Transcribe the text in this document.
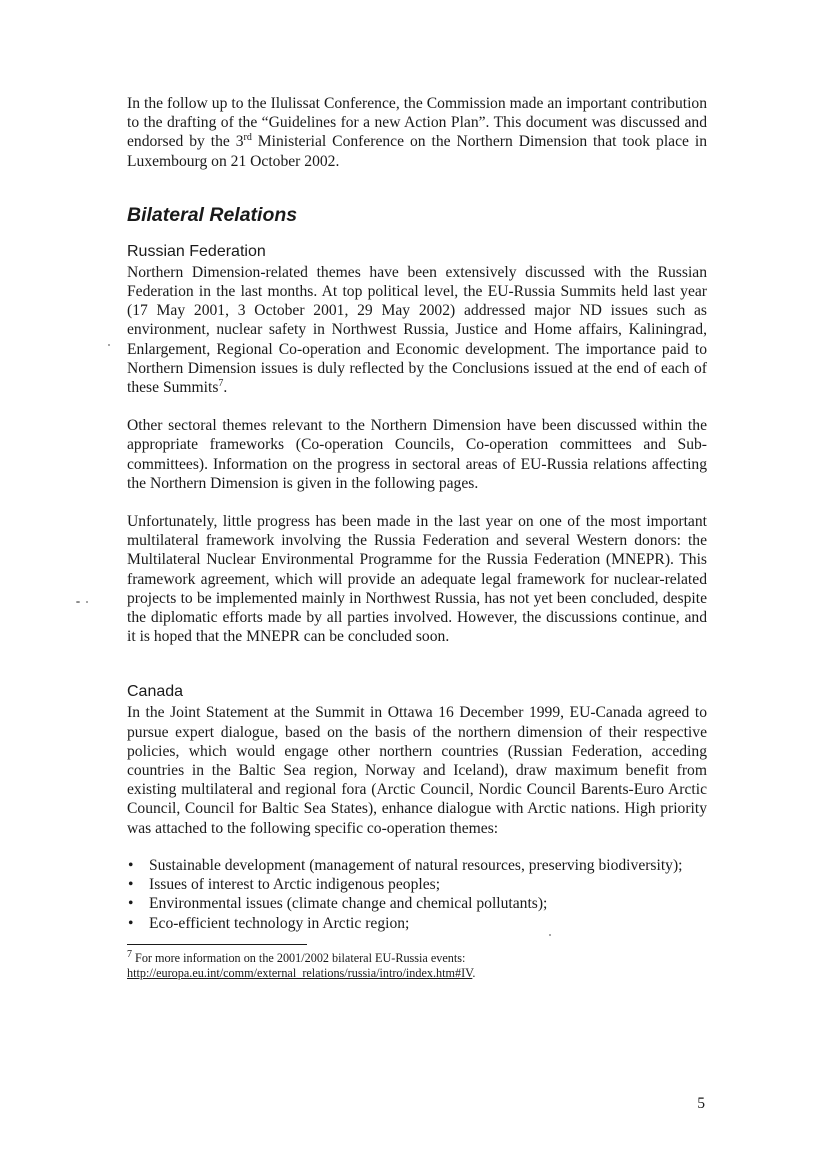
In the follow up to the Ilulissat Conference, the Commission made an important contribution to the drafting of the “Guidelines for a new Action Plan”. This document was discussed and endorsed by the 3rd Ministerial Conference on the Northern Dimension that took place in Luxembourg on 21 October 2002.

Bilateral Relations
Russian Federation

Northern Dimension-related themes have been extensively discussed with the Russian Federation in the last months. At top political level, the EU-Russia Summits held last year (17 May 2001, 3 October 2001, 29 May 2002) addressed major ND issues such as environment, nuclear safety in Northwest Russia, Justice and Home affairs, Kaliningrad, Enlargement, Regional Co-operation and Economic development. The importance paid to Northern Dimension issues is duly reflected by the Conclusions issued at the end of each of these Summits$^7$.

Other sectoral themes relevant to the Northern Dimension have been discussed within the appropriate frameworks (Co-operation Councils, Co-operation committees and Sub-committees). Information on the progress in sectoral areas of EU-Russia relations affecting the Northern Dimension is given in the following pages.

Unfortunately, little progress has been made in the last year on one of the most important multilateral framework involving the Russia Federation and several Western donors: the Multilateral Nuclear Environmental Programme for the Russia Federation (MNEPR). This framework agreement, which will provide an adequate legal framework for nuclear-related projects to be implemented mainly in Northwest Russia, has not yet been concluded, despite the diplomatic efforts made by all parties involved. However, the discussions continue, and it is hoped that the MNEPR can be concluded soon.

Canada

In the Joint Statement at the Summit in Ottawa 16 December 1999, EU-Canada agreed to pursue expert dialogue, based on the basis of the northern dimension of their respective policies, which would engage other northern countries (Russian Federation, acceding countries in the Baltic Sea region, Norway and Iceland), draw maximum benefit from existing multilateral and regional fora (Arctic Council, Nordic Council Barents-Euro Arctic Council, Council for Baltic Sea States), enhance dialogue with Arctic nations. High priority was attached to the following specific co-operation themes:

• Sustainable development (management of natural resources, preserving biodiversity);
• Issues of interest to Arctic indigenous peoples;
• Environmental issues (climate change and chemical pollutants);
• Eco-efficient technology in Arctic region;

$^7$ For more information on the 2001/2002 bilateral EU-Russia events:
http://europa.eu.int/comm/external_relations/russia/intro/index.htm#IV.

5
